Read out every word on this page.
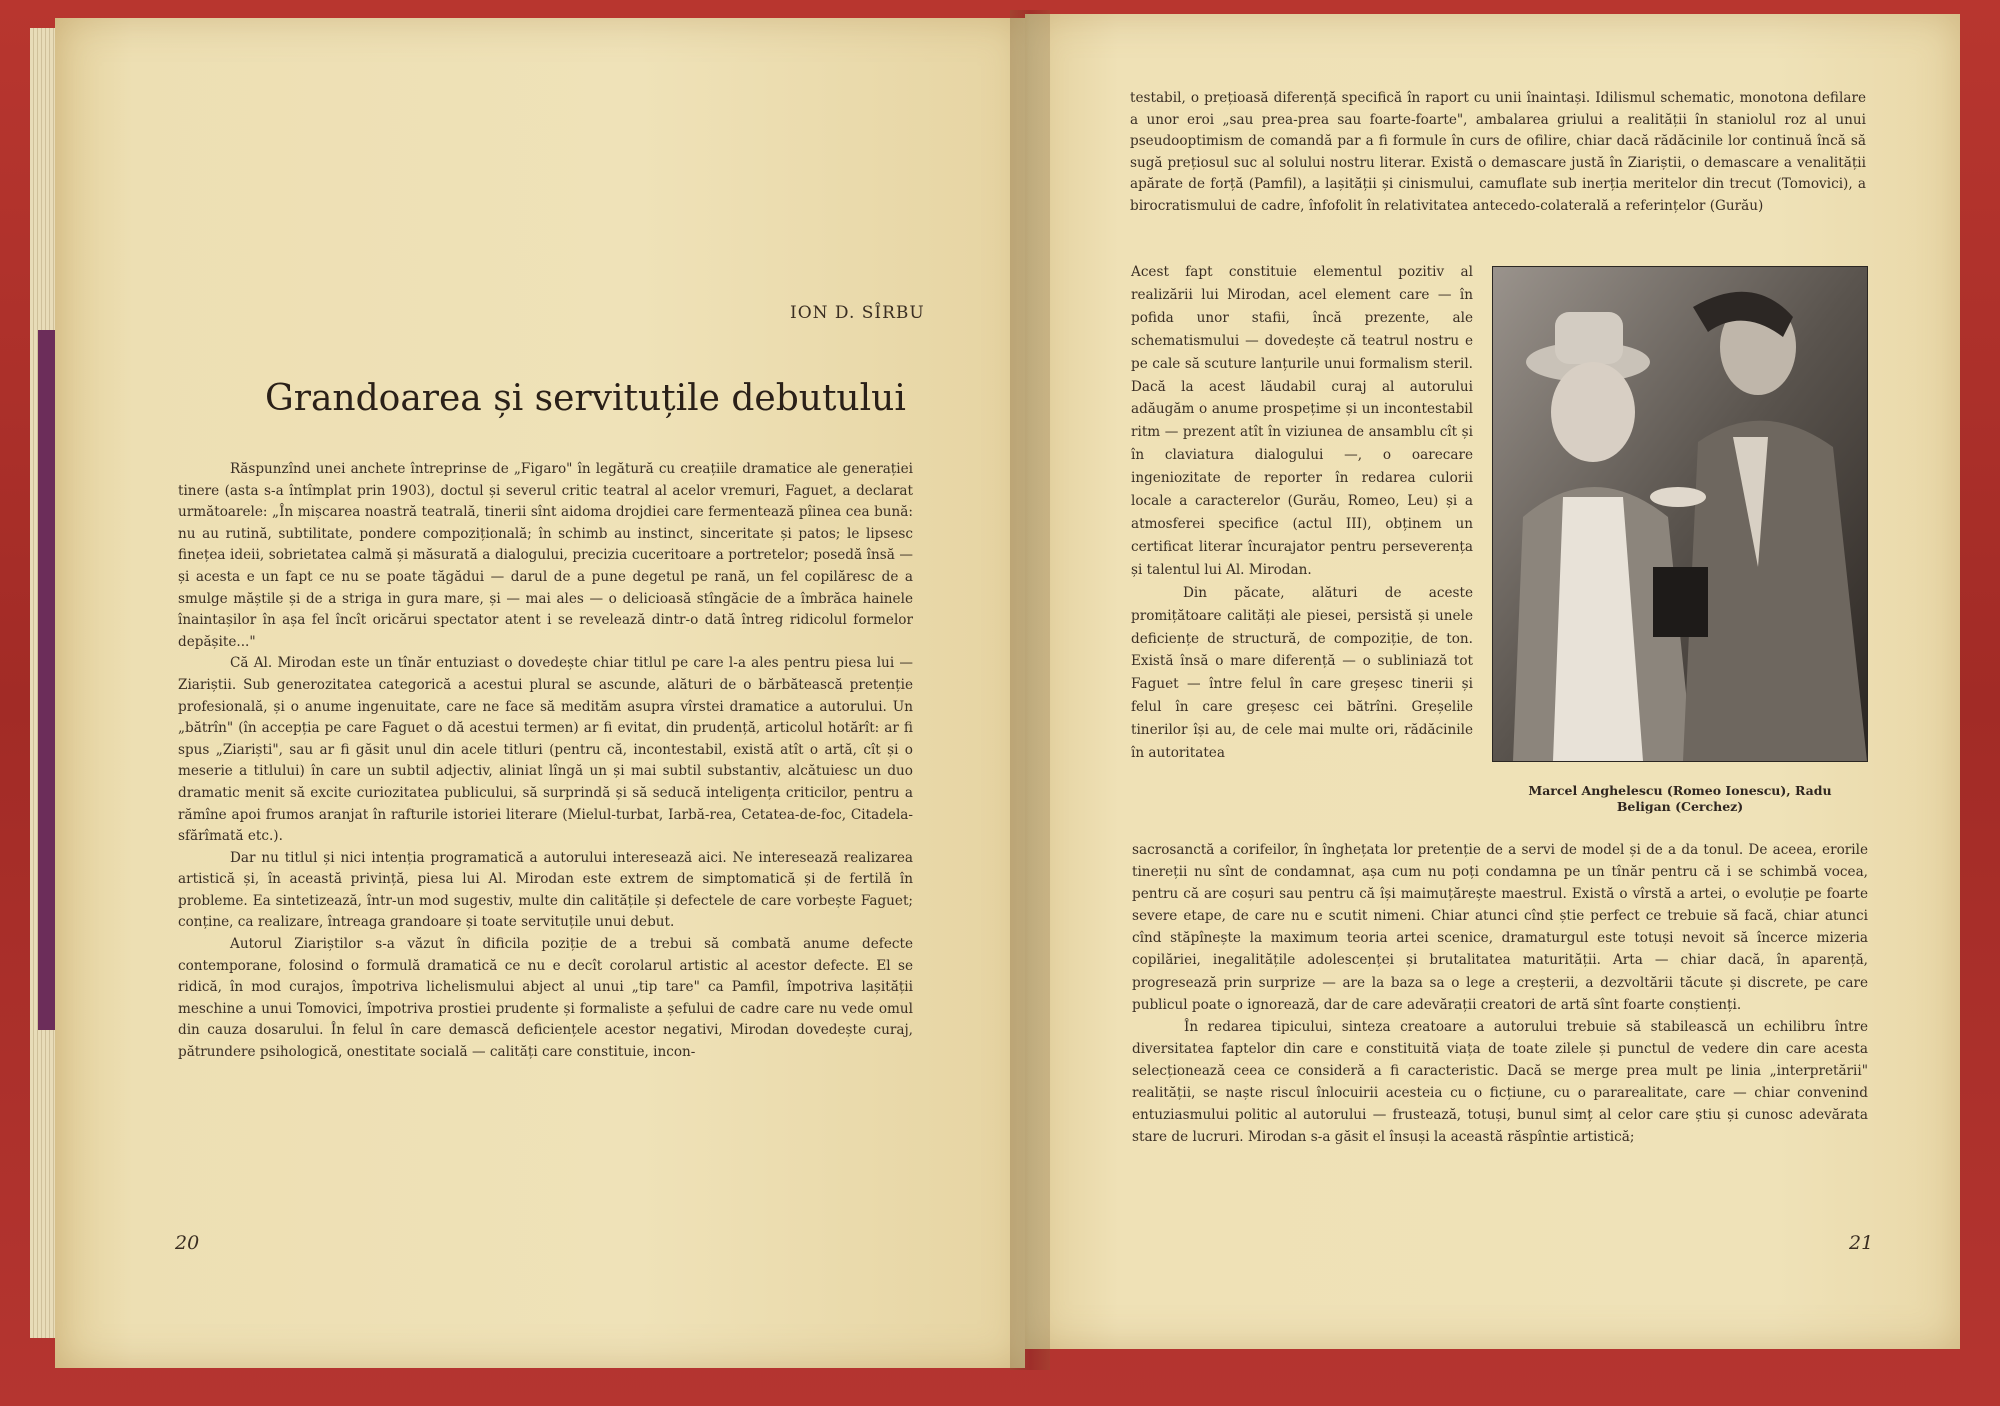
ION D. SÎRBU
Grandoarea și servituțile debutului

Răspunzînd unei anchete întreprinse de „Figaro" în legătură cu creațiile dramatice ale generației tinere (asta s-a întîmplat prin 1903), doctul și severul critic teatral al acelor vremuri, Faguet, a declarat următoarele: „În mișcarea noastră teatrală, tinerii sînt aidoma drojdiei care fermentează pîinea cea bună: nu au rutină, subtilitate, pondere compozițională; în schimb au instinct, sinceritate și patos; le lipsesc finețea ideii, sobrietatea calmă și măsurată a dialogului, precizia cuceritoare a portretelor; posedă însă — și acesta e un fapt ce nu se poate tăgădui — darul de a pune degetul pe rană, un fel copilăresc de a smulge măștile și de a striga in gura mare, și — mai ales — o delicioasă stîngăcie de a îmbrăca hainele înaintașilor în așa fel încît oricărui spectator atent i se revelează dintr-o dată întreg ridicolul formelor depășite..."

Că Al. Mirodan este un tînăr entuziast o dovedește chiar titlul pe care l-a ales pentru piesa lui — Ziariștii. Sub generozitatea categorică a acestui plural se ascunde, alături de o bărbătească pretenție profesională, și o anume ingenuitate, care ne face să medităm asupra vîrstei dramatice a autorului. Un „bătrîn" (în accepția pe care Faguet o dă acestui termen) ar fi evitat, din prudență, articolul hotărît: ar fi spus „Ziariști", sau ar fi găsit unul din acele titluri (pentru că, incontestabil, există atît o artă, cît și o meserie a titlului) în care un subtil adjectiv, aliniat lîngă un și mai subtil substantiv, alcătuiesc un duo dramatic menit să excite curiozitatea publicului, să surprindă și să seducă inteligența criticilor, pentru a rămîne apoi frumos aranjat în rafturile istoriei literare (Mielul-turbat, Iarbă-rea, Cetatea-de-foc, Citadela-sfărîmată etc.).

Dar nu titlul și nici intenția programatică a autorului interesează aici. Ne interesează realizarea artistică și, în această privință, piesa lui Al. Mirodan este extrem de simptomatică și de fertilă în probleme. Ea sintetizează, într-un mod sugestiv, multe din calitățile și defectele de care vorbește Faguet; conține, ca realizare, întreaga grandoare și toate servituțile unui debut.

Autorul Ziariștilor s-a văzut în dificila poziție de a trebui să combată anume defecte contemporane, folosind o formulă dramatică ce nu e decît corolarul artistic al acestor defecte. El se ridică, în mod curajos, împotriva lichelismului abject al unui „tip tare" ca Pamfil, împotriva lașității meschine a unui Tomovici, împotriva prostiei prudente și formaliste a șefului de cadre care nu vede omul din cauza dosarului. În felul în care demască deficiențele acestor negativi, Mirodan dovedește curaj, pătrundere psihologică, onestitate socială — calități care constituie, incon-

20

testabil, o prețioasă diferență specifică în raport cu unii înaintași. Idilismul schematic, monotona defilare a unor eroi „sau prea-prea sau foarte-foarte", ambalarea griului a realității în staniolul roz al unui pseudooptimism de comandă par a fi formule în curs de ofilire, chiar dacă rădăcinile lor continuă încă să sugă prețiosul suc al solului nostru literar. Există o demascare justă în Ziariștii, o demascare a venalității apărate de forță (Pamfil), a lașității și cinismului, camuflate sub inerția meritelor din trecut (Tomovici), a birocratismului de cadre, înfofolit în relativitatea antecedo-colaterală a referințelor (Gurău)

Acest fapt constituie elementul pozitiv al realizării lui Mirodan, acel element care — în pofida unor stafii, încă prezente, ale schematismului — dovedește că teatrul nostru e pe cale să scuture lanțurile unui formalism steril. Dacă la acest lăudabil curaj al autorului adăugăm o anume prospețime și un incontestabil ritm — prezent atît în viziunea de ansamblu cît și în claviatura dialogului —, o oarecare ingeniozitate de reporter în redarea culorii locale a caracterelor (Gurău, Romeo, Leu) și a atmosferei specifice (actul III), obținem un certificat literar încurajator pentru perseverența și talentul lui Al. Mirodan.

Din păcate, alături de aceste promițătoare calități ale piesei, persistă și unele deficiențe de structură, de compoziție, de ton. Există însă o mare diferență — o subliniază tot Faguet — între felul în care greșesc tinerii și felul în care greșesc cei bătrîni. Greșelile tinerilor își au, de cele mai multe ori, rădăcinile în autoritatea

Marcel Anghelescu (Romeo Ionescu), Radu Beligan (Cerchez)

sacrosanctă a corifeilor, în înghețata lor pretenție de a servi de model și de a da tonul. De aceea, erorile tinereții nu sînt de condamnat, așa cum nu poți condamna pe un tînăr pentru că i se schimbă vocea, pentru că are coșuri sau pentru că își maimuțărește maestrul. Există o vîrstă a artei, o evoluție pe foarte severe etape, de care nu e scutit nimeni. Chiar atunci cînd știe perfect ce trebuie să facă, chiar atunci cînd stăpînește la maximum teoria artei scenice, dramaturgul este totuși nevoit să încerce mizeria copilăriei, inegalitățile adolescenței și brutalitatea maturității. Arta — chiar dacă, în aparență, progresează prin surprize — are la baza sa o lege a creșterii, a dezvoltării tăcute și discrete, pe care publicul poate o ignorează, dar de care adevărații creatori de artă sînt foarte conștienți.

În redarea tipicului, sinteza creatoare a autorului trebuie să stabilească un echilibru între diversitatea faptelor din care e constituită viața de toate zilele și punctul de vedere din care acesta selecționează ceea ce consideră a fi caracteristic. Dacă se merge prea mult pe linia „interpretării" realității, se naște riscul înlocuirii acesteia cu o ficțiune, cu o pararealitate, care — chiar convenind entuziasmului politic al autorului — frustează, totuși, bunul simț al celor care știu și cunosc adevărata stare de lucruri. Mirodan s-a găsit el însuși la această răspîntie artistică;

21
